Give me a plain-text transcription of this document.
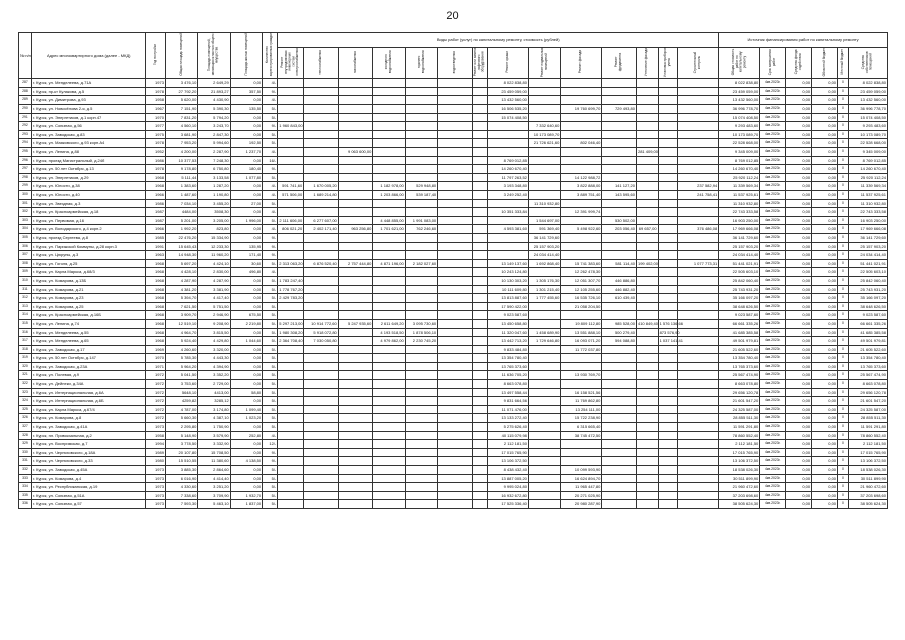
20
№ п/п	Адрес многоквартирного дома (далее - МКД)	Год постройки	Общая площадь помещений	Площадь помещений, являющихся частью общего имущества	Площадь жилых помещений	Количество зарегистрированных граждан	Виды работ (услуг) по капитальному ремонту, стоимость (рублей)														Источник финансирования работ по капитальному ремонту					
							Ремонт внутридомовых инженерных систем электроснабжения	теплоснабжения	газоснабжения	холодного водоснабжения	горячего водоснабжения	водоотведения	Ремонт или замена лифтового оборудования	Ремонт крыши	Ремонт подвальных помещений	Ремонт фасада	Ремонт фундамента	Утепление фасада	Установка приборов учета	Строительный контроль	Общая стоимость работ по капитальному ремонту	Срок завершения работ	Средства фонда содействия	Областной бюджет	Местный бюджет	Средства собственников помещений
287	г. Курск, ул. Менделеева, д.71А	1973	3 476,10	2 649,29	0,00	4/-								8 022 838,80							8 022 838,80	4кв.2023г.	0,00	0,00	0	8 022 838,80
288	г. Курск, пр-кт Кулакова, д.5	1978	27 792,20	21 893,27	357,50	9/-								23 459 059,00							23 459 059,00	4кв.2023г.	0,00	0,00	0	23 459 059,00
289	г. Курск, ул. Димитрова, д.93	1958	5 620,00	4 430,90	0,00	4/-								13 432 560,00							13 432 560,00	4кв.2023г.	0,00	0,00	0	13 432 560,00
290	г. Курск, ул. Новосёлова 2-я, д.5	1967	7 151,90	5 390,30	135,50	5/-								16 506 535,20		19 760 699,70	729 493,80				36 996 778,70	4кв.2023г.	0,00	0,00	0	36 996 778,70
291	г. Курск, ул. Энергетиков, д.1 корп.47	1970	7 831,20	5 794,20	0,00	5/-								15 074 408,50							15 074 408,50	4кв.2023г.	0,00	0,00	0	15 074 408,50
292	г. Курск, ул. Союзная, д.56	1977	4 560,10	3 243,70	0,00	9/-	1 960 843,00								7 332 640,60						9 293 483,60	4кв.2023г.	0,00	0,00	0	9 293 483,60
293	г. Курск, ул. Заводская, д.83	1975	3 681,90	2 847,30	0,00	5/-									10 173 089,70						10 173 089,70	4кв.2023г.	0,00	0,00	0	10 173 089,70
294	г. Курск, ул. Маяковского, д.93 корп.А4	1978	7 953,20	5 994,60	192,50	5/-									21 726 621,60	802 046,40					22 528 668,00	4кв.2023г.	0,00	0,00	0	22 528 668,00
295	г. Курск, ул. Ленина, д.88	1952	4 200,00	2 287,90	1 237,70	4/-			9 063 600,00									281 409,00			9 345 009,00	4кв.2023г.	0,00	0,00	0	9 345 009,00
296	г. Курск, проезд Магистральный, д.24б	1986	10 377,53	7 248,30	0,00	16/-								8 769 012,85							8 769 012,85	4кв.2023г.	0,00	0,00	0	8 769 012,85
297	г. Курск, ул. 50 лет Октября, д.13	1978	9 178,80	6 750,80	180,40	9/-								14 260 670,40							14 260 670,40	4кв.2023г.	0,00	0,00	0	14 260 670,40
298	г. Курск, ул. Энергетиков, д.29	1968	5 111,44	3 133,58	1 077,80	5/-								11 797 263,52		14 122 988,72					25 920 112,24	4кв.2023г.	0,00	0,00	0	25 920 112,24
299	г. Курск, ул. Юности, д.38	1968	1 383,60	1 287,20	0,00	4/-	591 741,60	1 670 005,20		1 182 978,00	529 948,80			3 193 348,80		3 822 888,00	141 127,20			237 582,94	11 339 569,34	4кв.2023г.	0,00	0,00	0	11 339 569,34
300	г. Курск, ул. Юности, д.40	1966	1 487,60	1 190,80	0,00	4/-	571 506,00	1 689 214,80		1 203 866,00	539 187,40			3 249 252,40		3 889 751,40	143 595,60			241 758,41	11 537 925,61	4кв.2023г.	0,00	0,00	0	11 537 925,61
301	г. Курск, ул. Звездная, д.3	1986	7 034,10	3 455,20	27,00	5/-									11 310 932,80						11 310 932,80	4кв.2023г.	0,00	0,00	0	11 310 932,80
302	г. Курск, ул. Красноармейская, д.18	1987	4484,00	3508,30	0,00	4/-								10 351 333,84		12 391 999,74					22 743 333,58	4кв.2023г.	0,00	0,00	0	22 743 333,58
303	г. Курск, ул. Первомая, д.16	1987	5 201,00	3 205,00	1 996,00	5/-	2 111 606,00	6 277 607,00		4 448 855,00	1 991 083,00				1 544 697,00		530 502,00				16 903 250,00	4кв.2023г.	0,00	0,00	0	16 903 250,00
304	г. Курск, ул. Володарского, д.4 корп.2	1966	1 992,20	823,80	0,00	4/-	806 021,20	2 402 171,40	963 256,80	1 701 621,00	762 246,60			4 593 381,60	591 369,40	5 498 922,60	203 056,40	69 657,00		376 486,08	17 969 666,08	4кв.2023г.	0,00	0,00	0	17 969 666,08
305	г. Курск, проезд Сергеева, д.8	1985	22 476,20	15 334,90	0,00	9/-									36 141 729,60						36 141 729,60	4кв.2023г.	0,00	0,00	0	36 141 729,60
306	г. Курск, ул. Парижской Коммуны, д.28 корп.3	1991	15 645,43	12 233,30	135,95	9/-									25 157 903,20						25 157 903,20	4кв.2023г.	0,00	0,00	0	25 157 903,20
307	г. Курск, ул. Цюрупы, д.3	1963	14 948,30	11 960,20	171,40	9/-									24 034 414,40						24 034 414,40	4кв.2023г.	0,00	0,00	0	24 034 414,40
308	г. Курск, ул. Гоголя, д.25	1968	5 697,20	4 424,10	30,60	5/-	2 313 063,20	6 876 520,40	2 757 444,80	4 871 196,00	2 182 027,60			13 149 137,60	1 692 868,40	15 741 383,60	581 114,40	199 402,00		1 077 773,31	51 441 021,91	4кв.2023г.	0,00	0,00	0	51 441 021,91
309	г. Курск, ул. Карла Маркса, д.68/3	1968	4 428,10	2 830,00	496,80	4/-								10 243 124,80		12 262 478,30					22 505 603,10	4кв.2023г.	0,00	0,00	0	22 505 603,10
310	г. Курск, ул. Комарова, д.13Б	1968	4 287,90	4 287,90	0,00	5/-	1 783 247,40							10 130 303,20	1 305 176,30	12 051 307,70	446 886,80				25 842 060,40	4кв.2023г.	0,00	0,00	0	25 842 060,40
311	г. Курск, ул. Комарова, д.21	1968	4 381,20	3 381,90	0,00	5/-	1 778 767,20							10 111 609,80	1 301 215,40	12 105 255,60	446 882,40				25 743 931,20	4кв.2023г.	0,00	0,00	0	25 743 931,20
312	г. Курск, ул. Комарова, д.23	1968	5 394,70	4 417,40	0,00	5/-	2 429 783,20							13 813 887,60	1 777 455,60	16 535 726,10	610 439,40				35 166 097,20	4кв.2023г.	0,00	0,00	0	35 166 097,20
313	г. Курск, ул. Комарова, д.25	1968	7 621,50	5 751,50	0,00	5/-								17 590 422,00		21 058 204,50					38 648 626,50	4кв.2023г.	0,00	0,00	0	38 648 626,50
314	г. Курск, ул. Красноармейская, д.16Б	1968	3 909,70	2 946,90	675,50	5/-								9 023 587,60							9 023 587,60	4кв.2023г.	0,00	0,00	0	9 023 587,60
315	г. Курск, ул. Ленина, д.74	1968	12 519,10	9 208,90	2 219,80	5/-	5 297 213,00	10 914 772,60	5 247 935,60	2 611 649,20	3 095 730,60			13 450 658,80		19 809 112,80	985 528,00	410 849,40	1 576 136,66		66 661 335,26	4кв.2023г.	0,00	0,00	0	66 661 335,26
316	г. Курск, ул. Менделеева, д.55	1968	4 964,70	3 815,50	0,00	5/-	1 980 308,20	5 918 072,80		4 193 518,50	1 878 506,10			11 320 047,60	1 458 689,90	13 551 888,10	500 279,40		873 576,90		41 685 385,58	4кв.2023г.	0,00	0,00	0	41 685 385,58
317	г. Курск, ул. Менделеева, д.65	1968	5 924,40	4 429,80	1 044,60	5/-	2 364 708,40	7 030 050,80		4 979 862,00	2 230 745,20			13 442 713,20	1 729 646,80	16 093 071,20	594 088,80		1 037 141,41		49 501 979,81	4кв.2023г.	0,00	0,00	0	49 501 979,81
318	г. Курск, ул. Заводская, д.17	1969	4 260,60	3 320,00	0,00	5/-								9 833 484,80		11 772 037,80					21 605 522,60	4кв.2023г.	0,00	0,00	0	21 605 522,60
319	г. Курск, ул. 50 лет Октября, д.147	1970	5 785,30	4 443,30	0,00	5/-								13 354 780,40							13 354 780,40	4кв.2023г.	0,00	0,00	0	13 354 780,40
320	г. Курск, ул. Заводская, д.23А	1971	5 964,20	4 394,90	0,00	5/-								13 765 373,60							13 765 373,60	4кв.2023г.	0,00	0,00	0	13 765 373,60
321	г. Курск, ул. Полевая, д.9	1972	5 041,50	3 352,20	0,00	5/-								11 636 705,20		13 930 769,70					25 567 474,90	4кв.2023г.	0,00	0,00	0	25 567 474,90
322	г. Курск, ул. Дейнеки, д.34А	1972	3 753,60	2 729,00	0,00	5/-								8 663 078,80							8 663 078,80	4кв.2023г.	0,00	0,00	0	8 663 078,80
323	г. Курск, ул. Интернациональная, д.6А	1972	5648,10	4413,00	58,80	5/-								13 497 558,44		16 158 521,56					29 656 120,78	4кв.2023г.	0,00	0,00	0	29 656 120,78
324	г. Курск, ул. Интернациональная, д.6Б	1972	4259,82	3285,12	0,00	5/-								9 831 664,56		11 769 862,80					21 601 547,20	4кв.2023г.	0,00	0,00	0	21 601 547,20
325	г. Курск, ул. Карла Маркса, д.67/4	1972	4 787,00	3 174,80	1 099,40	5/-								11 071 476,00		13 254 111,00					24 325 587,00	4кв.2023г.	0,00	0,00	0	24 325 587,00
326	г. Курск, ул. Комарова, д.8	1972	5 660,30	4 387,10	1 023,20	5/-								13 133 272,40		15 722 238,90					28 855 511,30	4кв.2023г.	0,00	0,00	0	28 855 511,30
327	г. Курск, ул. Заводская, д.41А	1973	2 295,80	1 750,90	0,00	5/-								5 275 626,40		6 315 665,40					11 591 291,80	4кв.2023г.	0,00	0,00	0	11 591 291,80
328	г. Курск, пл. Привокзальная, д.2	1958	5 148,90	3 579,90	252,80	4/-								40 115 079,98		38 745 472,50					78 860 552,40	4кв.2023г.	0,00	0,00	0	78 860 552,40
329	г. Курск, ул. Воспримская, д.7	1994	3 778,50	3 332,90	0,00	12/-								2 112 181,50							2 112 181,50	4кв.2023г.	0,00	0,00	0	2 112 181,50
330	г. Курск, ул. Черняховского, д.18А	1989	20 107,80	15 708,50	0,00	9/-								17 015 765,90							17 015 765,90	4кв.2023г.	0,00	0,00	0	17 015 765,90
331	г. Курск, ул. Черняховского, д.33	1980	15 510,55	11 380,60	4 138,50	9/-								13 106 372,50							13 106 372,50	4кв.2023г.	0,00	0,00	0	13 106 372,50
332	г. Курск, ул. Заводская, д.45А	1973	3 885,30	2 864,60	0,00	5/-								8 438 432,40		10 099 593,90					18 538 026,30	4кв.2023г.	0,00	0,00	0	18 538 026,30
333	г. Курск, ул. Комарова, д.4	1973	6 016,90	4 414,40	0,00	5/-								13 887 005,20		16 624 894,70					30 511 899,90	4кв.2023г.	0,00	0,00	0	30 511 899,90
334	г. Курск, ул. Республиканская, д.19	1973	4 330,60	3 251,20	0,00	5/-								9 995 024,80		11 965 447,80					21 960 472,60	4кв.2023г.	0,00	0,00	0	21 960 472,60
335	г. Курск, ул. Союзная, д.51А	1973	7 338,60	3 709,90	1 932,70	5/-								16 932 672,80		20 271 025,90					37 203 698,60	4кв.2023г.	0,00	0,00	0	37 203 698,60
336	г. Курск, ул. Союзная, д.57	1973	7 593,30	5 463,10	1 837,00	5/-								17 525 336,40		20 980 287,90					38 505 624,30	4кв.2023г.	0,00	0,00	0	38 505 624,30
